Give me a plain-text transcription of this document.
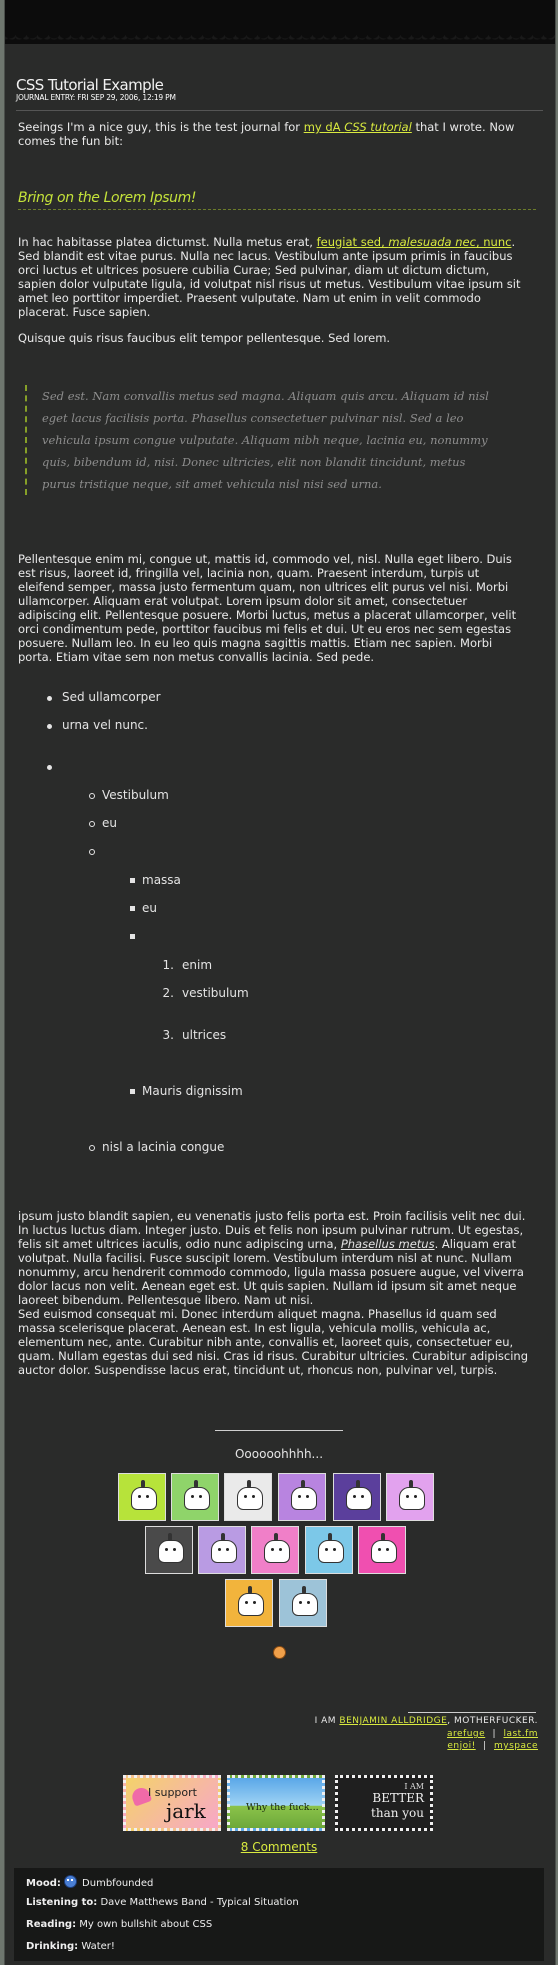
CSS Tutorial Example
JOURNAL ENTRY: FRI SEP 29, 2006, 12:19 PM
Seeings I'm a nice guy, this is the test journal for my dA CSS tutorial that I wrote. Now comes the fun bit:
Bring on the Lorem Ipsum!
In hac habitasse platea dictumst. Nulla metus erat, feugiat sed, malesuada nec, nunc. Sed blandit est vitae purus. Nulla nec lacus. Vestibulum ante ipsum primis in faucibus orci luctus et ultrices posuere cubilia Curae; Sed pulvinar, diam ut dictum dictum, sapien dolor vulputate ligula, id volutpat nisl risus ut metus. Vestibulum vitae ipsum sit amet leo porttitor imperdiet. Praesent vulputate. Nam ut enim in velit commodo placerat. Fusce sapien.
Quisque quis risus faucibus elit tempor pellentesque. Sed lorem.
Sed est. Nam convallis metus sed magna. Aliquam quis arcu. Aliquam id nisl eget lacus facilisis porta. Phasellus consectetuer pulvinar nisl. Sed a leo vehicula ipsum congue vulputate. Aliquam nibh neque, lacinia eu, nonummy quis, bibendum id, nisi. Donec ultricies, elit non blandit tincidunt, metus purus tristique neque, sit amet vehicula nisl nisi sed urna.
Pellentesque enim mi, congue ut, mattis id, commodo vel, nisl. Nulla eget libero. Duis est risus, laoreet id, fringilla vel, lacinia non, quam. Praesent interdum, turpis ut eleifend semper, massa justo fermentum quam, non ultrices elit purus vel nisi. Morbi ullamcorper. Aliquam erat volutpat. Lorem ipsum dolor sit amet, consectetuer adipiscing elit. Pellentesque posuere. Morbi luctus, metus a placerat ullamcorper, velit orci condimentum pede, porttitor faucibus mi felis et dui. Ut eu eros nec sem egestas posuere. Nullam leo. In eu leo quis magna sagittis mattis. Etiam nec sapien. Morbi porta. Etiam vitae sem non metus convallis lacinia. Sed pede.
Sed ullamcorper
urna vel nunc.
Vestibulum
eu
massa
eu
1. enim
2. vestibulum
3. ultrices
Mauris dignissim
nisl a lacinia congue
ipsum justo blandit sapien, eu venenatis justo felis porta est. Proin facilisis velit nec dui. In luctus luctus diam. Integer justo. Duis et felis non ipsum pulvinar rutrum. Ut egestas, felis sit amet ultrices iaculis, odio nunc adipiscing urna, Phasellus metus. Aliquam erat volutpat. Nulla facilisi. Fusce suscipit lorem. Vestibulum interdum nisl at nunc. Nullam nonummy, arcu hendrerit commodo commodo, ligula massa posuere augue, vel viverra dolor lacus non velit. Aenean eget est. Ut quis sapien. Nullam id ipsum sit amet neque laoreet bibendum. Pellentesque libero. Nam ut nisi.
Sed euismod consequat mi. Donec interdum aliquet magna. Phasellus id quam sed massa scelerisque placerat. Aenean est. In est ligula, vehicula mollis, vehicula ac, elementum nec, ante. Curabitur nibh ante, convallis et, laoreet quis, consectetuer eu, quam. Nullam egestas dui sed nisi. Cras id risus. Curabitur ultricies. Curabitur adipiscing auctor dolor. Suspendisse lacus erat, tincidunt ut, rhoncus non, pulvinar vel, turpis.
Oooooohhhh...
I AM BENJAMIN ALLDRIDGE, MOTHERFUCKER.
arefuge | last.fm
enjoi! | myspace
I support
jark	Why the fuck...
I AM
BETTER
than you
8 Comments
Mood: Dumbfounded
Listening to: Dave Matthews Band - Typical Situation
Reading: My own bullshit about CSS
Drinking: Water!
